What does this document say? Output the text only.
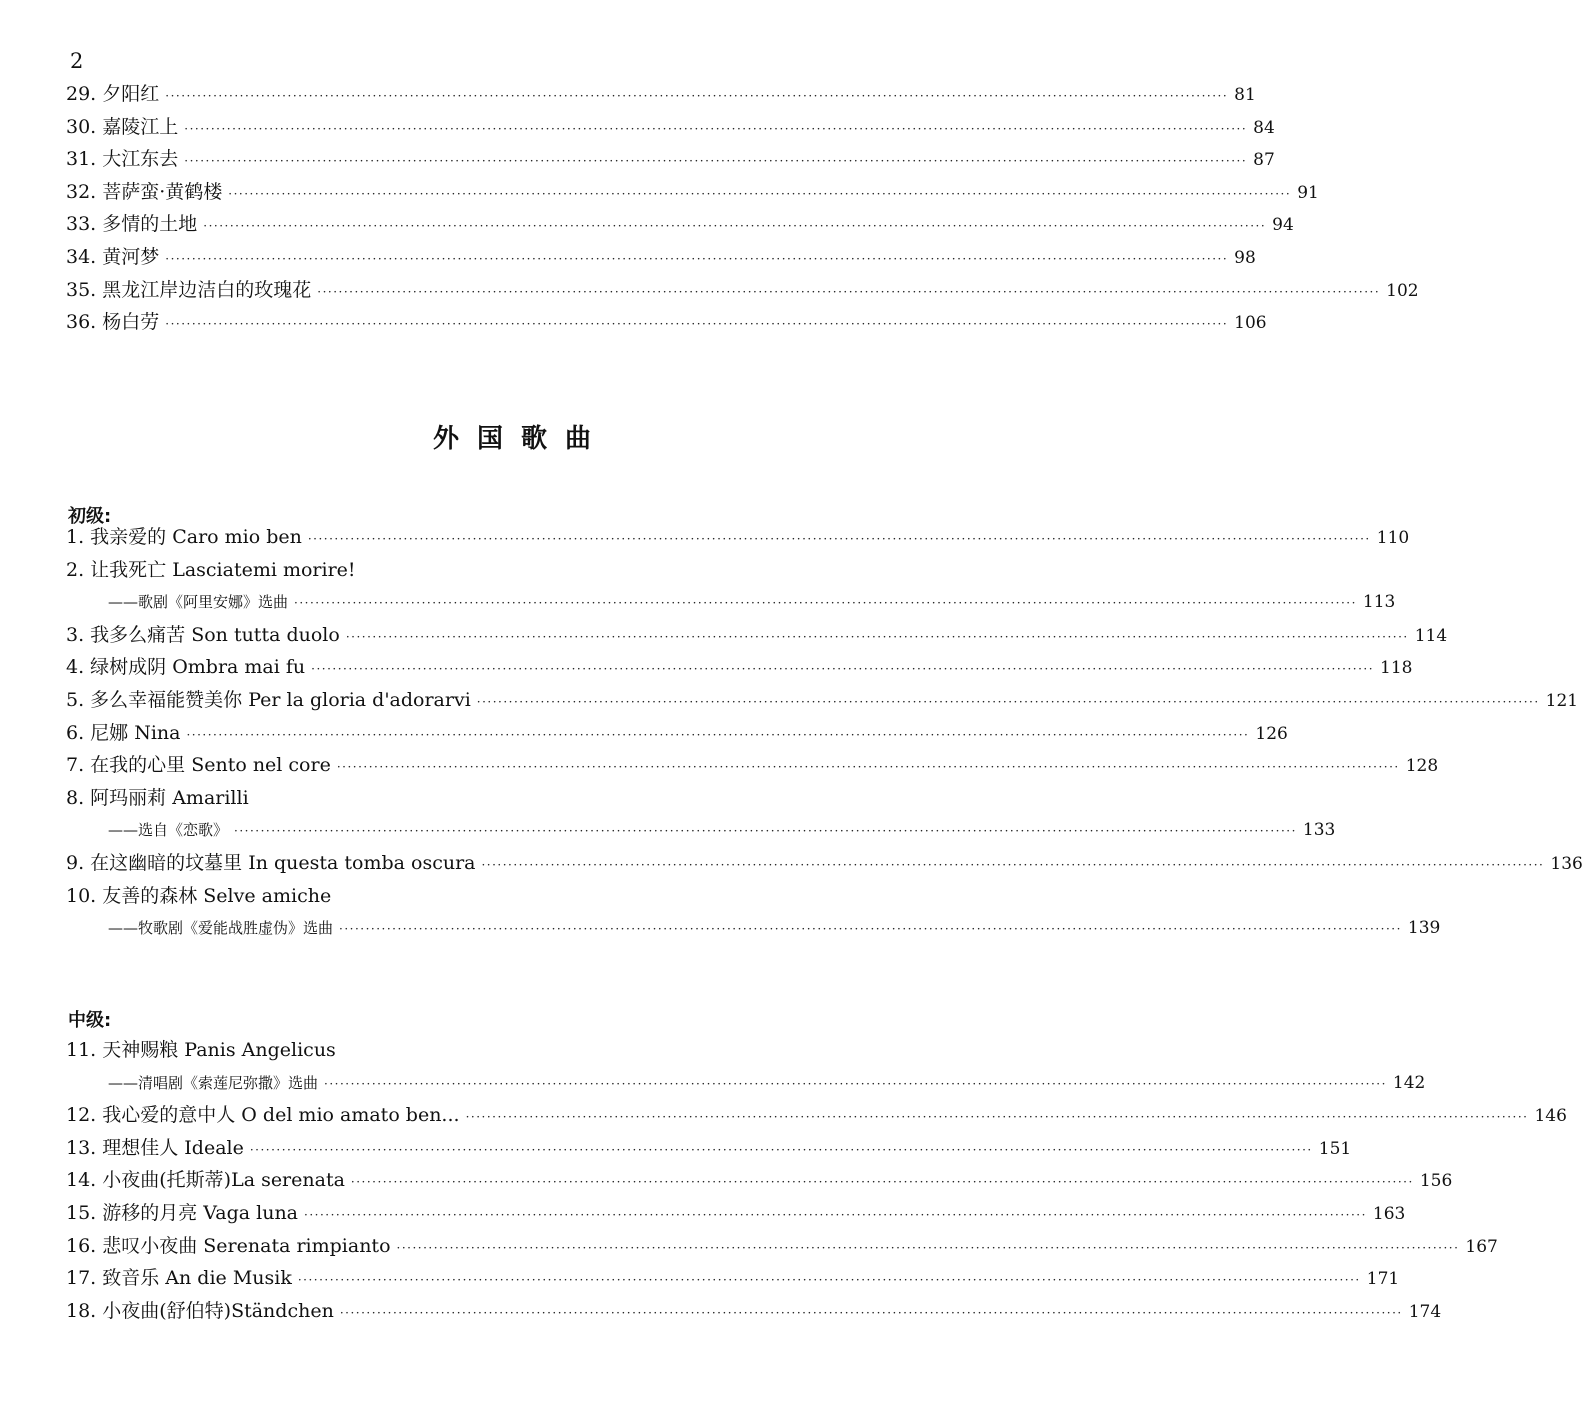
2
29. 夕阳红 ········································································································································································································ 81
30. 嘉陵江上 ········································································································································································································ 84
31. 大江东去 ········································································································································································································ 87
32. 菩萨蛮·黄鹤楼 ········································································································································································································ 91
33. 多情的土地 ········································································································································································································ 94
34. 黄河梦 ········································································································································································································ 98
35. 黑龙江岸边洁白的玫瑰花 ········································································································································································································ 102
36. 杨白劳 ········································································································································································································ 106
外国歌曲
初级:
1. 我亲爱的 Caro mio ben ········································································································································································································ 110
2. 让我死亡 Lasciatemi morire!
——歌剧《阿里安娜》选曲 ········································································································································································································ 113
3. 我多么痛苦 Son tutta duolo ········································································································································································································ 114
4. 绿树成阴 Ombra mai fu ········································································································································································································ 118
5. 多么幸福能赞美你 Per la gloria d'adorarvi ········································································································································································································ 121
6. 尼娜 Nina ········································································································································································································ 126
7. 在我的心里 Sento nel core ········································································································································································································ 128
8. 阿玛丽莉 Amarilli
——选自《恋歌》 ········································································································································································································ 133
9. 在这幽暗的坟墓里 In questa tomba oscura ········································································································································································································ 136
10. 友善的森林 Selve amiche
——牧歌剧《爱能战胜虚伪》选曲 ········································································································································································································ 139
中级:
11. 天神赐粮 Panis Angelicus
——清唱剧《索莲尼弥撒》选曲 ········································································································································································································ 142
12. 我心爱的意中人 O del mio amato ben... ········································································································································································································ 146
13. 理想佳人 Ideale ········································································································································································································ 151
14. 小夜曲(托斯蒂)La serenata ········································································································································································································ 156
15. 游移的月亮 Vaga luna ········································································································································································································ 163
16. 悲叹小夜曲 Serenata rimpianto ········································································································································································································ 167
17. 致音乐 An die Musik ········································································································································································································ 171
18. 小夜曲(舒伯特)Ständchen ········································································································································································································ 174
